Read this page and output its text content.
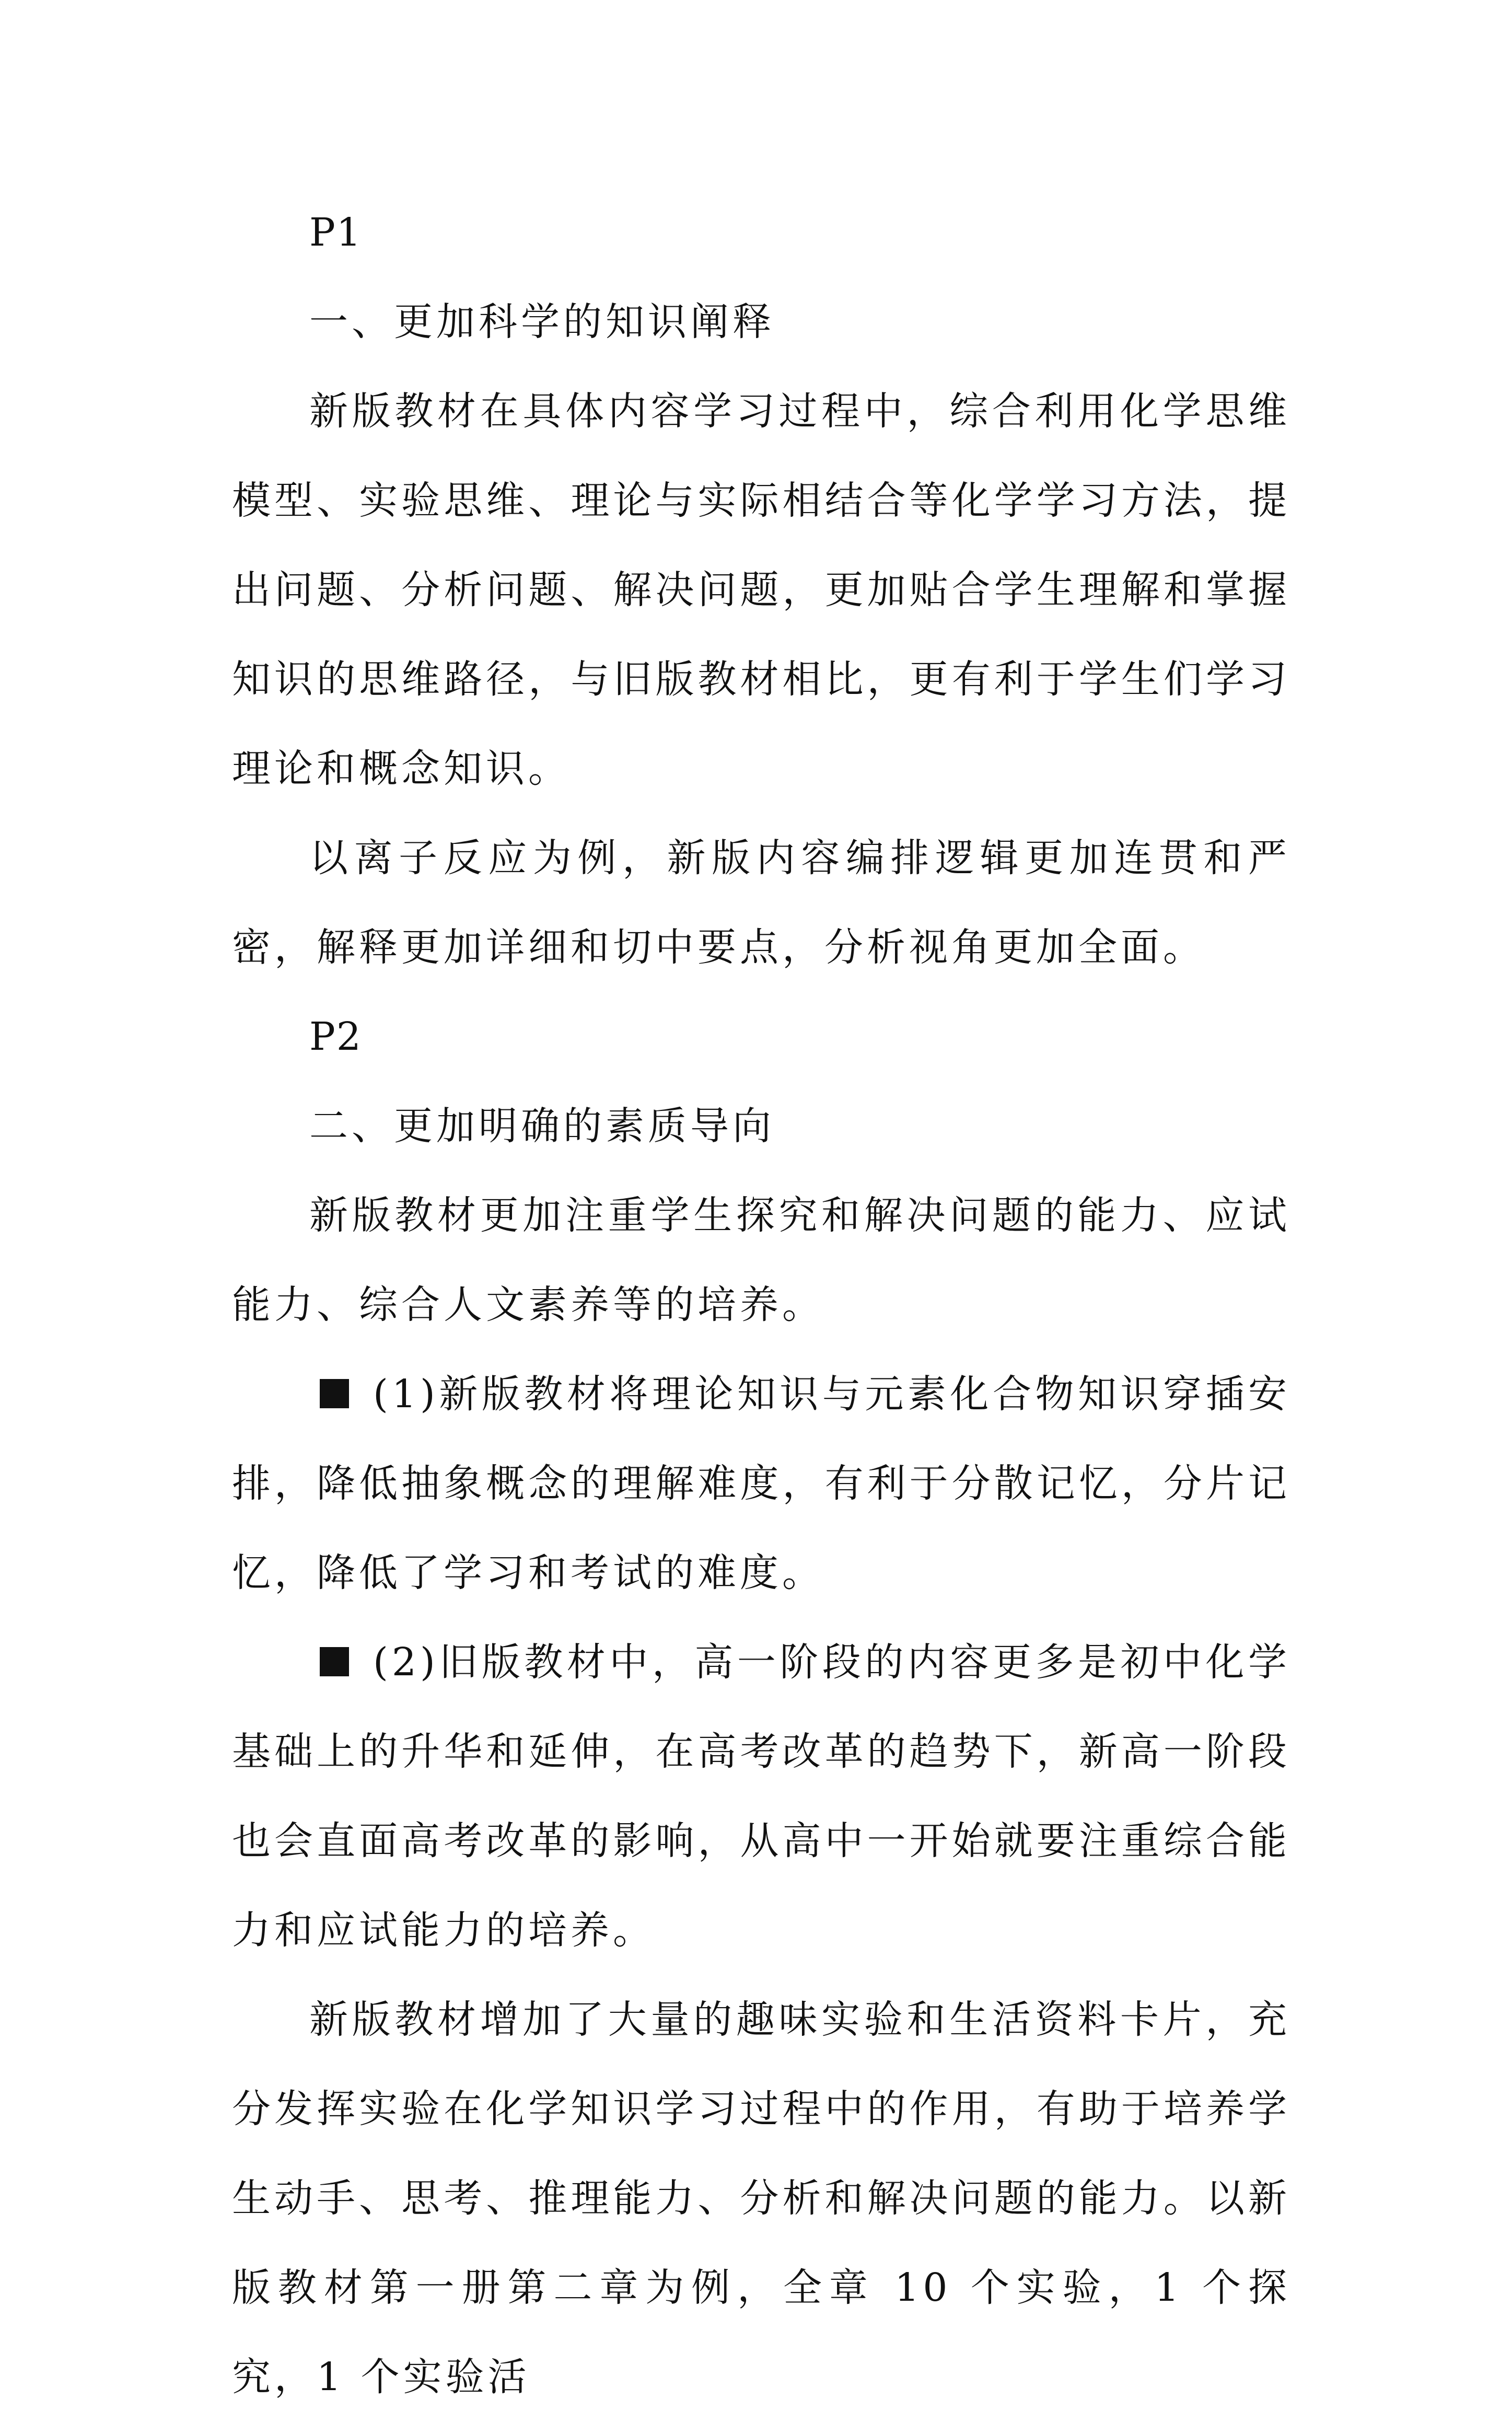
P1

一、更加科学的知识阐释

新版教材在具体内容学习过程中，综合利用化学思维模型、实验思维、理论与实际相结合等化学学习方法，提出问题、分析问题、解决问题，更加贴合学生理解和掌握知识的思维路径，与旧版教材相比，更有利于学生们学习理论和概念知识。

以离子反应为例，新版内容编排逻辑更加连贯和严密，解释更加详细和切中要点，分析视角更加全面。

P2

二、更加明确的素质导向

新版教材更加注重学生探究和解决问题的能力、应试能力、综合人文素养等的培养。

(1)新版教材将理论知识与元素化合物知识穿插安排，降低抽象概念的理解难度，有利于分散记忆，分片记忆，降低了学习和考试的难度。

(2)旧版教材中，高一阶段的内容更多是初中化学基础上的升华和延伸，在高考改革的趋势下，新高一阶段也会直面高考改革的影响，从高中一开始就要注重综合能力和应试能力的培养。

新版教材增加了大量的趣味实验和生活资料卡片，充分发挥实验在化学知识学习过程中的作用，有助于培养学生动手、思考、推理能力、分析和解决问题的能力。以新版教材第一册第二章为例，全章 10 个实验，1 个探究，1 个实验活
